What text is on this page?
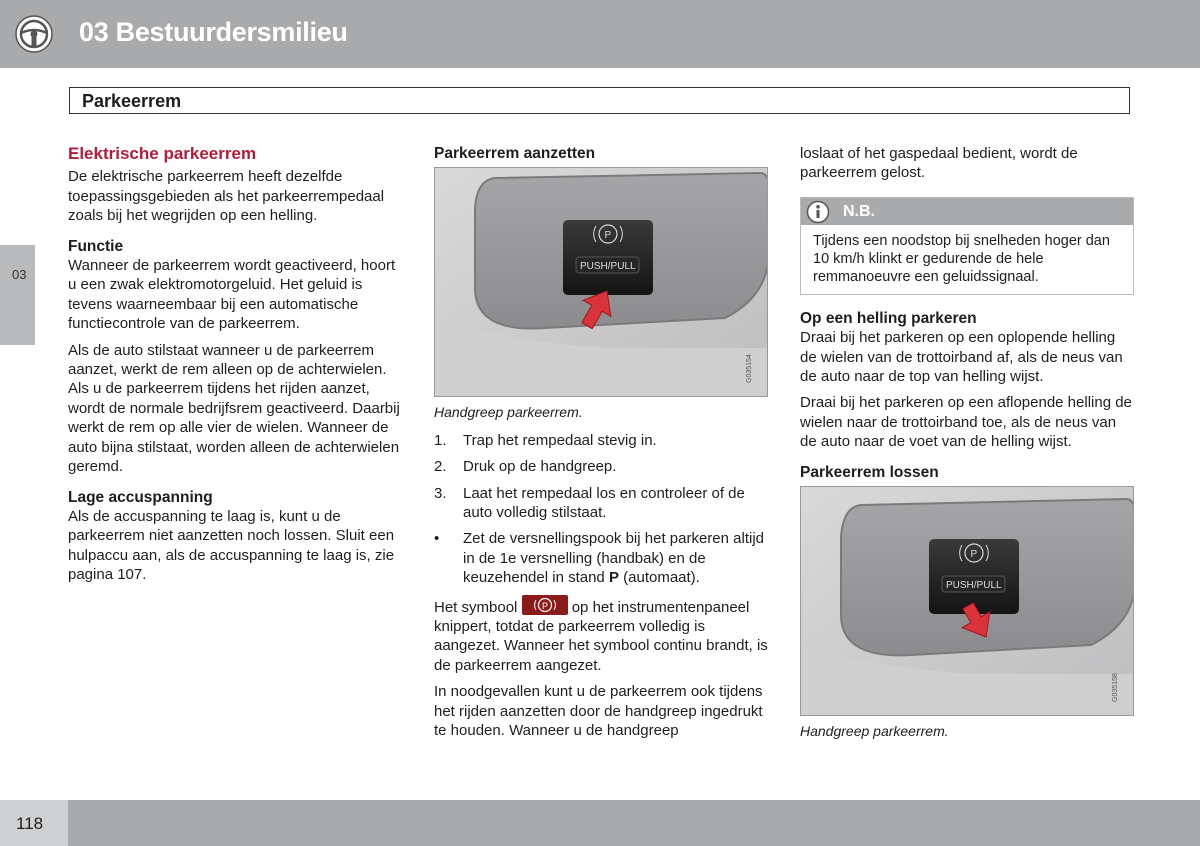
03 Bestuurdersmilieu
Parkeerrem
03
Elektrische parkeerrem

De elektrische parkeerrem heeft dezelfde toepassingsgebieden als het parkeerrempedaal zoals bij het wegrijden op een helling.

Functie

Wanneer de parkeerrem wordt geactiveerd, hoort u een zwak elektromotorgeluid. Het geluid is tevens waarneembaar bij een automatische functiecontrole van de parkeerrem.

Als de auto stilstaat wanneer u de parkeerrem aanzet, werkt de rem alleen op de achterwielen. Als u de parkeerrem tijdens het rijden aanzet, wordt de normale bedrijfsrem geactiveerd. Daarbij werkt de rem op alle vier de wielen. Wanneer de auto bijna stilstaat, worden alleen de achterwielen geremd.

Lage accuspanning

Als de accuspanning te laag is, kunt u de parkeerrem niet aanzetten noch lossen. Sluit een hulpaccu aan, als de accuspanning te laag is, zie pagina 107.

Parkeerrem aanzetten
P
PUSH/PULL
G035154
Handgreep parkeerrem.
1. Trap het rempedaal stevig in.
2. Druk op de handgreep.
3. Laat het rempedaal los en controleer of de auto volledig stilstaat.
• Zet de versnellingspook bij het parkeren altijd in de 1e versnelling (handbak) en de keuzehendel in stand P (automaat).

Het symbool P op het instrumentenpaneel knippert, totdat de parkeerrem volledig is aangezet. Wanneer het symbool continu brandt, is de parkeerrem aangezet.

In noodgevallen kunt u de parkeerrem ook tijdens het rijden aanzetten door de handgreep ingedrukt te houden. Wanneer u de handgreep

loslaat of het gaspedaal bedient, wordt de parkeerrem gelost.

N.B.
Tijdens een noodstop bij snelheden hoger dan 10 km/h klinkt er gedurende de hele remmanoeuvre een geluidssignaal.
Op een helling parkeren

Draai bij het parkeren op een oplopende helling de wielen van de trottoirband af, als de neus van de auto naar de top van helling wijst.

Draai bij het parkeren op een aflopende helling de wielen naar de trottoirband toe, als de neus van de auto naar de voet van de helling wijst.

Parkeerrem lossen
P
PUSH/PULL
G035158
Handgreep parkeerrem.
118
